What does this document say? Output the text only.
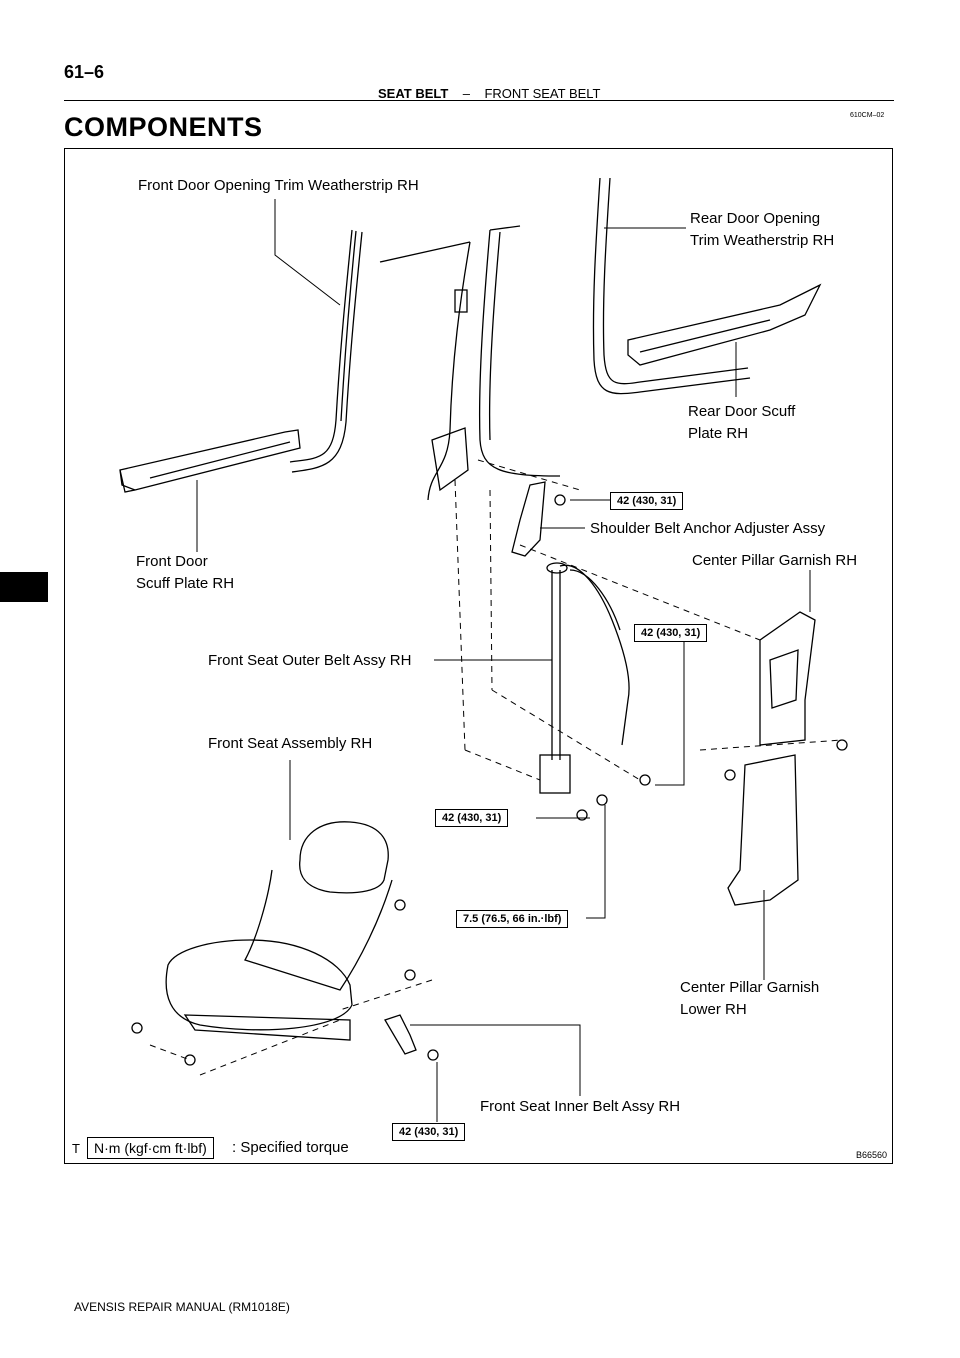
61–6
SEAT BELT – FRONT SEAT BELT
610CM–02
COMPONENTS
Front Door Opening Trim Weatherstrip RH
Rear Door Opening
Trim Weatherstrip RH
Rear Door Scuff
Plate RH
Shoulder Belt Anchor Adjuster Assy
Center Pillar Garnish RH
Front Door
Scuff Plate RH
Front Seat Outer Belt Assy RH
Front Seat Assembly RH
Center Pillar Garnish
Lower RH
Front Seat Inner Belt Assy RH
42 (430, 31)
42 (430, 31)
42 (430, 31)
7.5 (76.5, 66 in.·lbf)
42 (430, 31)
T	N·m (kgf·cm ft·lbf)	: Specified torque	B66560
AVENSIS REPAIR MANUAL (RM1018E)
